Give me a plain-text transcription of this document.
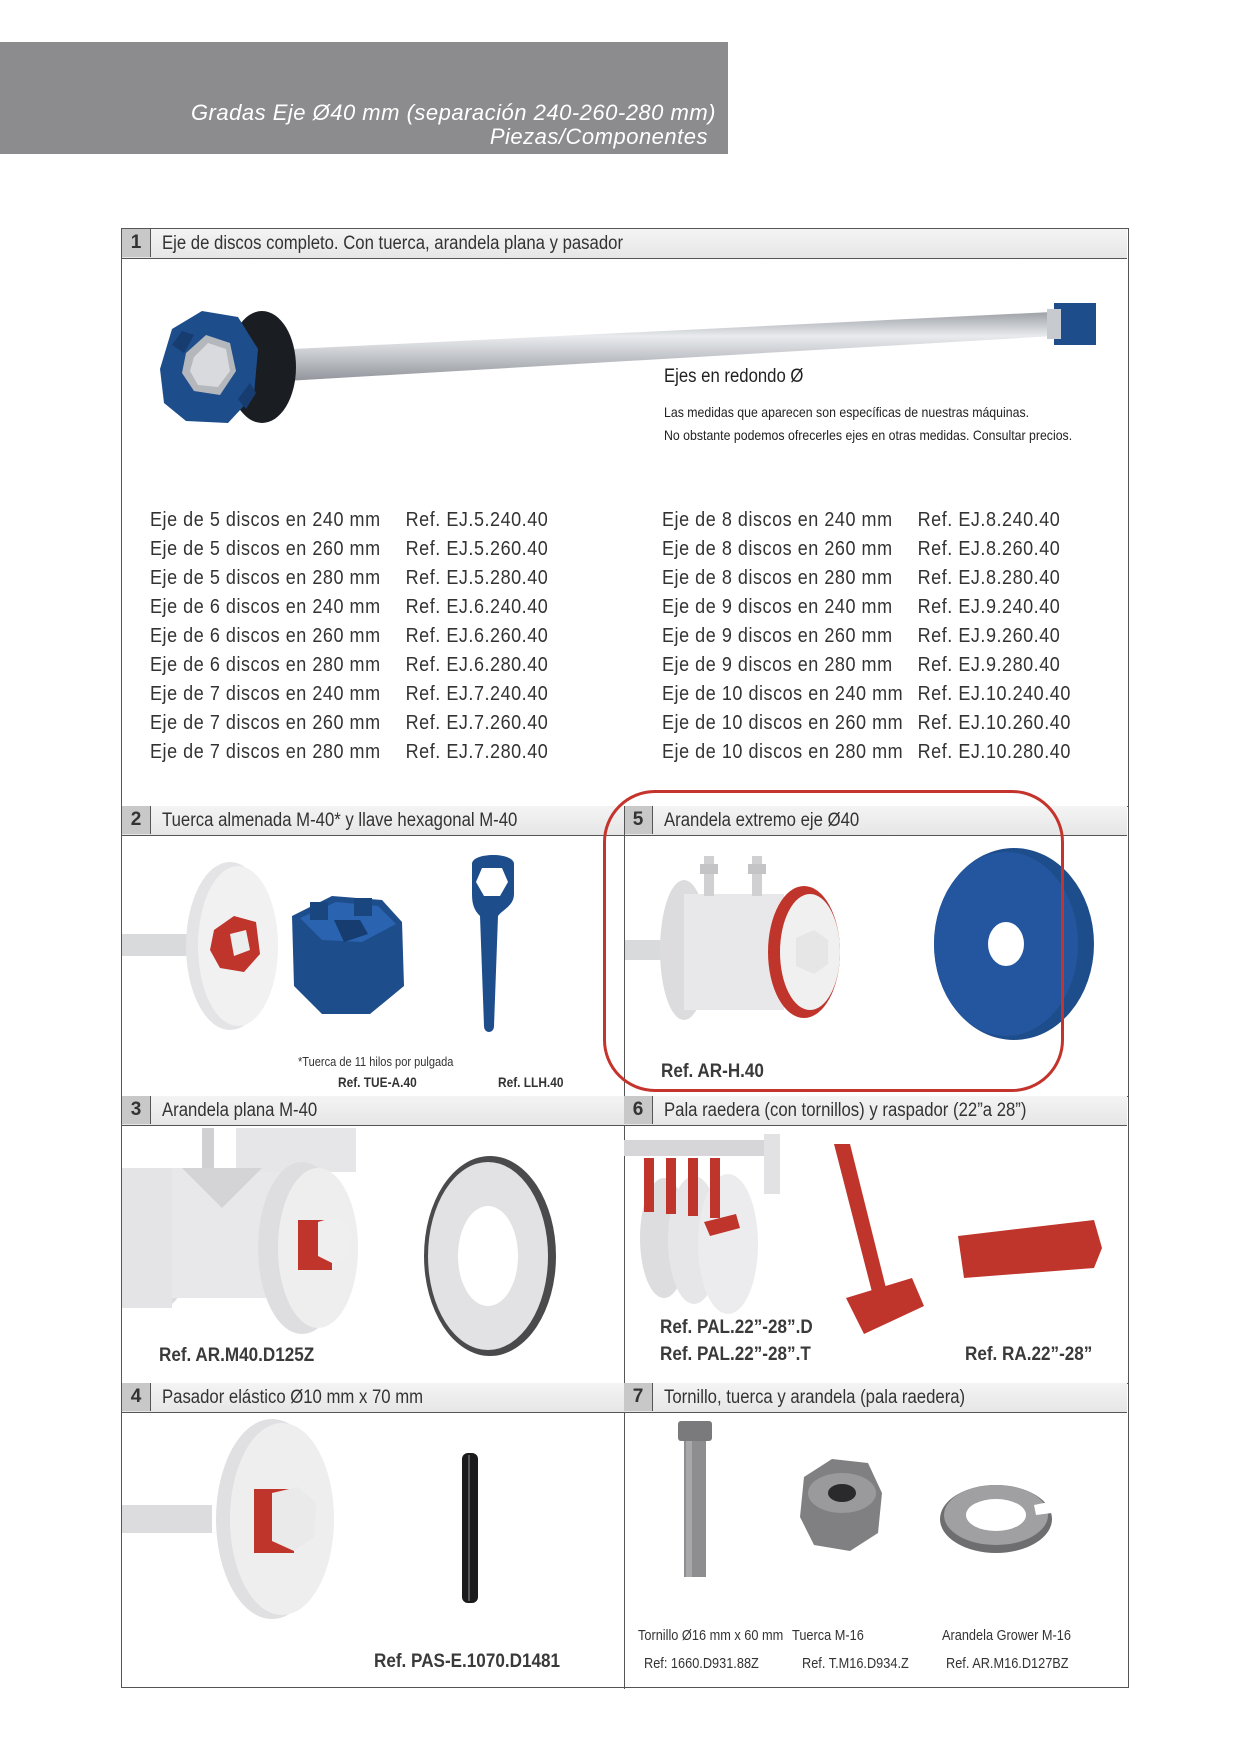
Gradas Eje Ø40 mm (separación 240-260-280 mm)
Piezas/Componentes
1	Eje de discos completo. Con tuerca, arandela plana y pasador
Ejes en redondo Ø
Las medidas que aparecen son específicas de nuestras máquinas.
No obstante podemos ofrecerles ejes en otras medidas. Consultar precios.
Eje de 5 discos en 240 mm Ref. EJ.5.240.40
Eje de 5 discos en 260 mm Ref. EJ.5.260.40
Eje de 5 discos en 280 mm Ref. EJ.5.280.40
Eje de 6 discos en 240 mm Ref. EJ.6.240.40
Eje de 6 discos en 260 mm Ref. EJ.6.260.40
Eje de 6 discos en 280 mm Ref. EJ.6.280.40
Eje de 7 discos en 240 mm Ref. EJ.7.240.40
Eje de 7 discos en 260 mm Ref. EJ.7.260.40
Eje de 7 discos en 280 mm Ref. EJ.7.280.40
Eje de 8 discos en 240 mm Ref. EJ.8.240.40
Eje de 8 discos en 260 mm Ref. EJ.8.260.40
Eje de 8 discos en 280 mm Ref. EJ.8.280.40
Eje de 9 discos en 240 mm Ref. EJ.9.240.40
Eje de 9 discos en 260 mm Ref. EJ.9.260.40
Eje de 9 discos en 280 mm Ref. EJ.9.280.40
Eje de 10 discos en 240 mm Ref. EJ.10.240.40
Eje de 10 discos en 260 mm Ref. EJ.10.260.40
Eje de 10 discos en 280 mm Ref. EJ.10.280.40
2	Tuerca almenada M-40* y llave hexagonal M-40
*Tuerca de 11 hilos por pulgada
Ref. TUE-A.40	Ref. LLH.40
5	Arandela extremo eje Ø40
Ref. AR-H.40
3	Arandela plana M-40
Ref. AR.M40.D125Z
6	Pala raedera (con tornillos) y raspador (22”a 28”)
Ref. PAL.22”-28”.D
Ref. PAL.22”-28”.T	Ref. RA.22”-28”
4	Pasador elástico Ø10 mm x 70 mm
Ref. PAS-E.1070.D1481
7	Tornillo, tuerca y arandela (pala raedera)
Tornillo Ø16 mm x 60 mm
Ref: 1660.D931.88Z
Tuerca M-16
Ref. T.M16.D934.Z
Arandela Grower M-16
Ref. AR.M16.D127BZ
